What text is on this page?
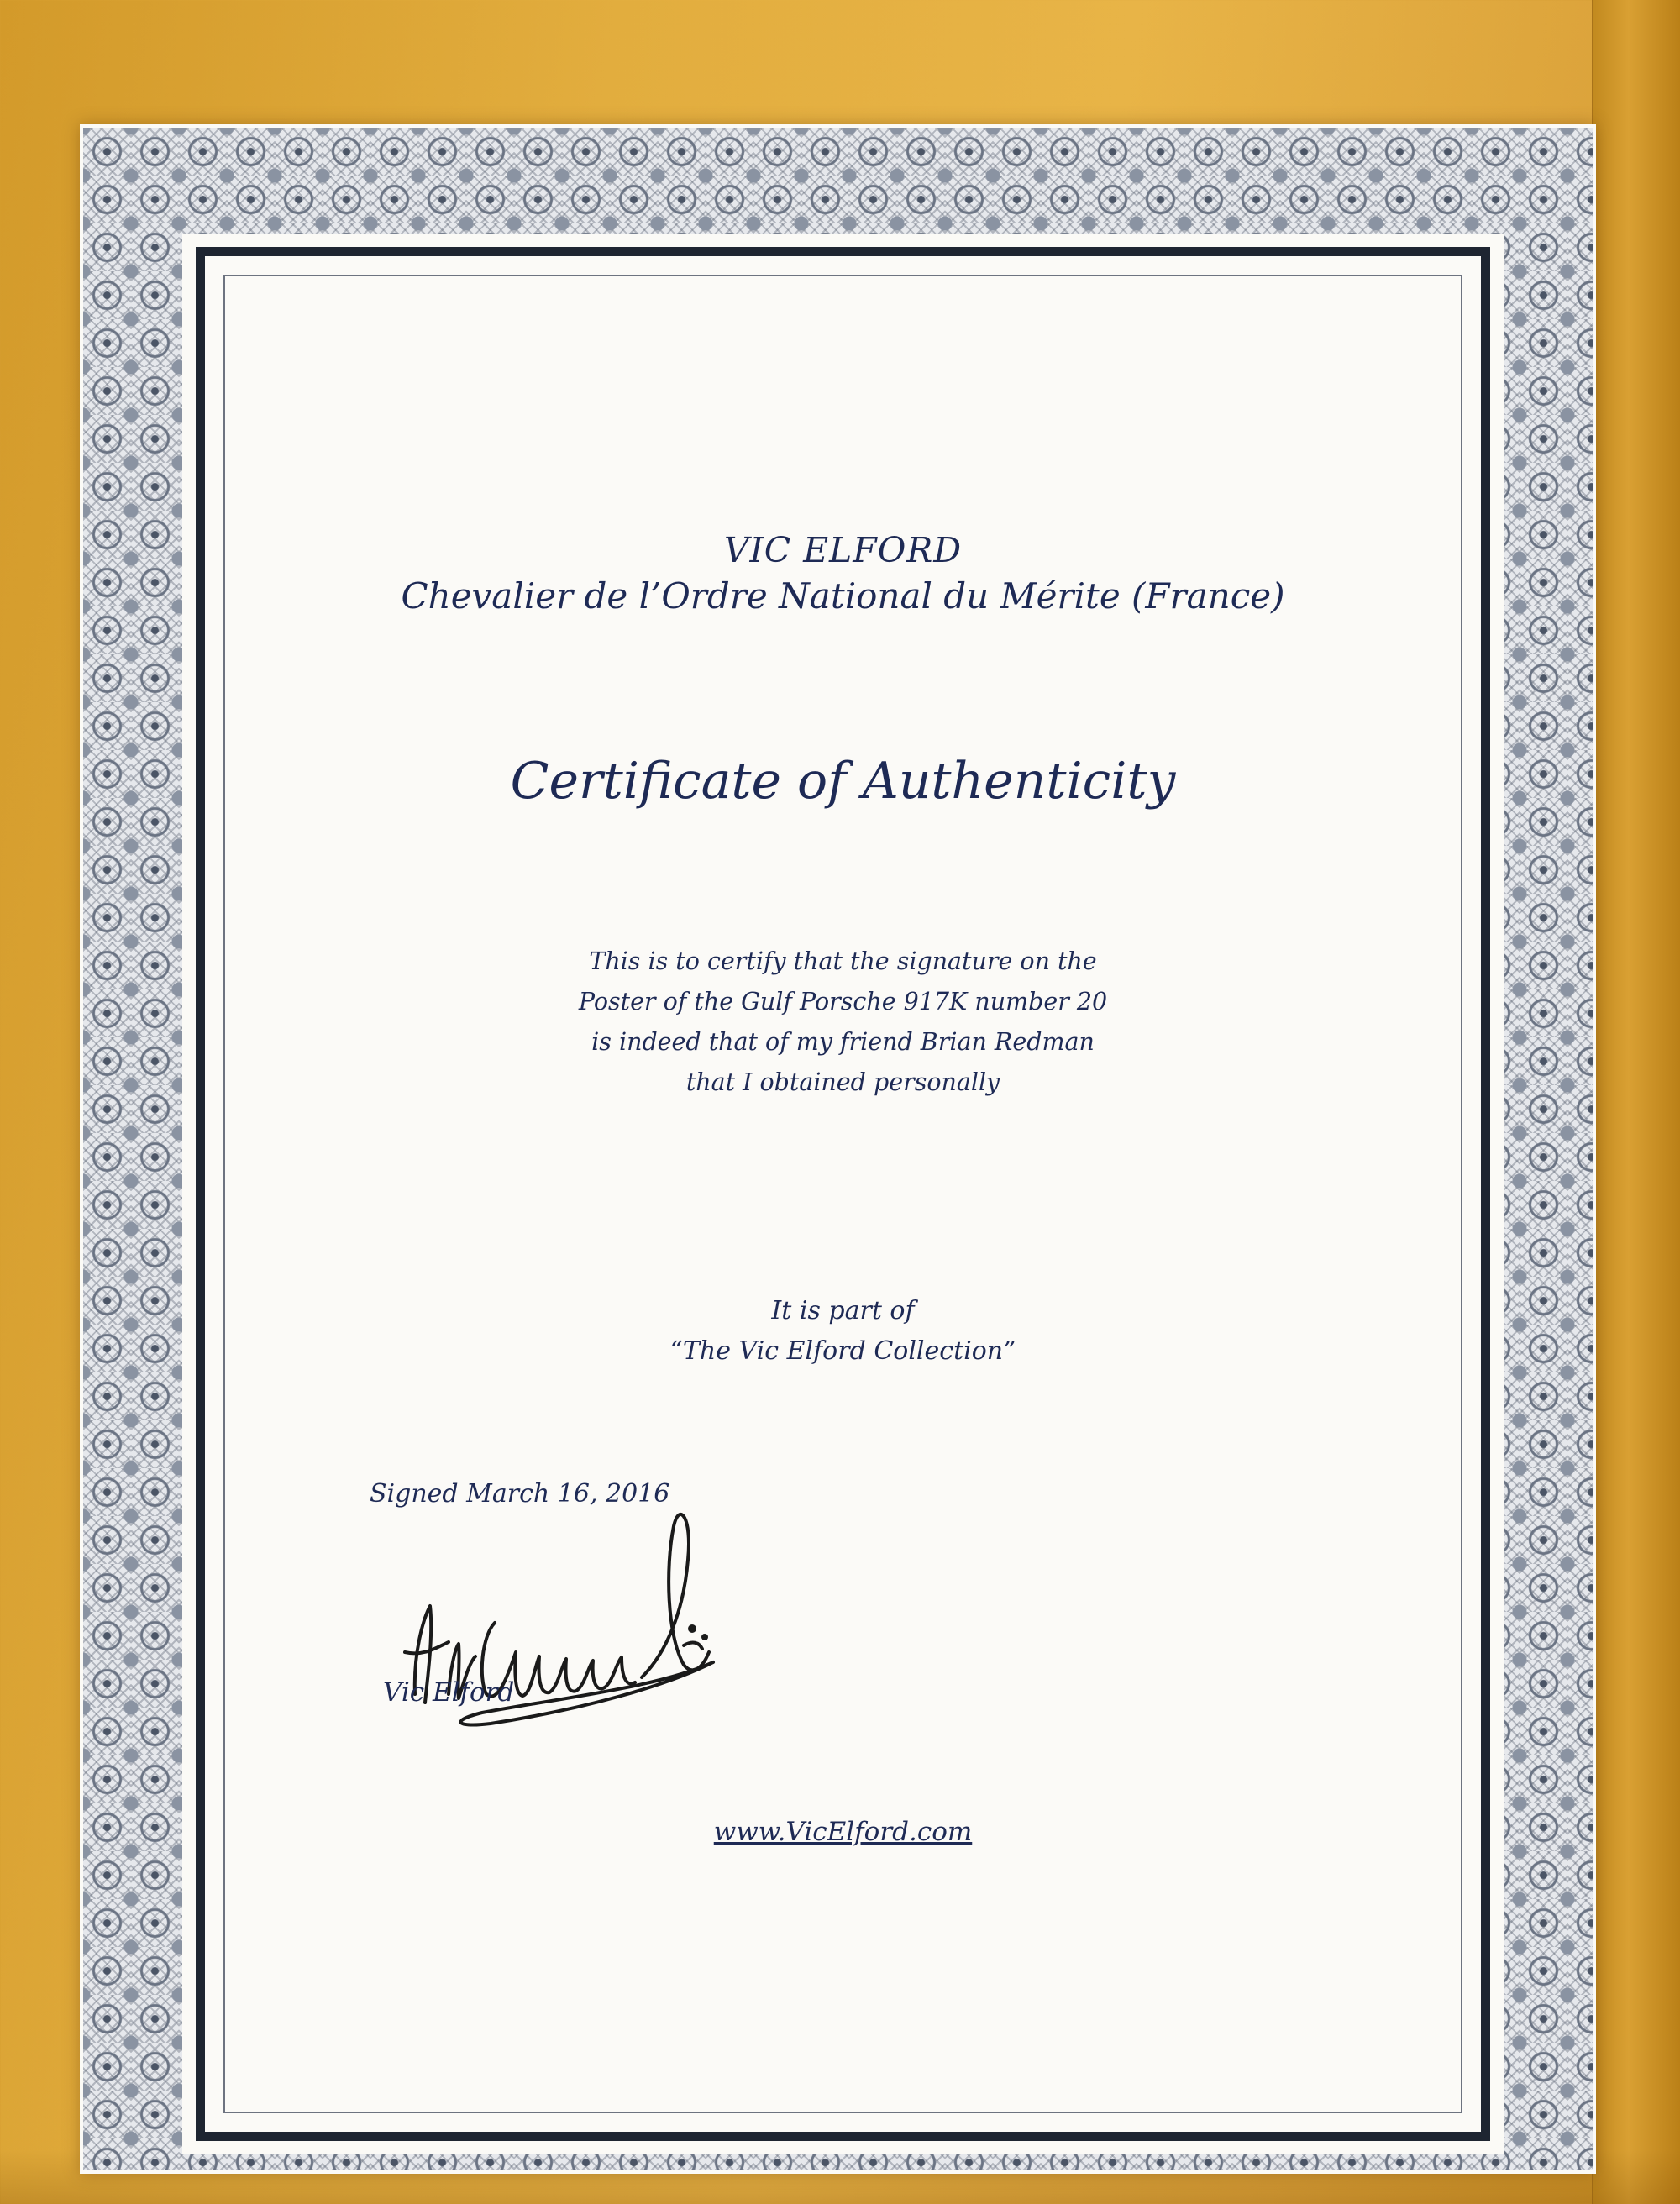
VIC ELFORD
Chevalier de l’Ordre National du Mérite (France)
Certificate of Authenticity
This is to certify that the signature on the
Poster of the Gulf Porsche 917K number 20
is indeed that of my friend Brian Redman
that I obtained personally
It is part of
“The Vic Elford Collection”
Signed March 16, 2016
Vic Elford
www.VicElford.com
